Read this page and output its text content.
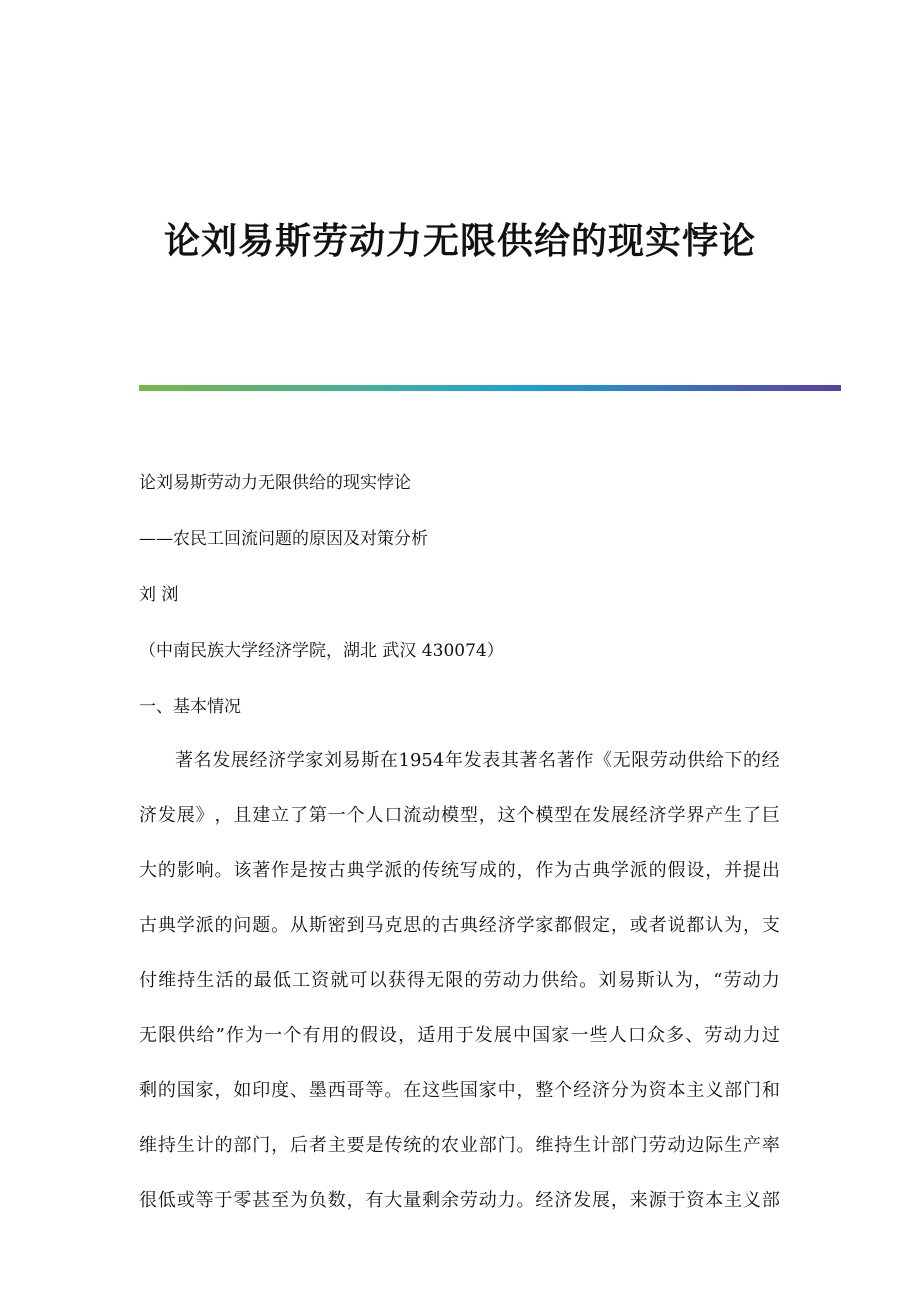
论刘易斯劳动力无限供给的现实悖论
论刘易斯劳动力无限供给的现实悖论
——农民工回流问题的原因及对策分析
刘 浏
（中南民族大学经济学院，湖北 武汉 430074）
一、基本情况
著 名 发 展 经 济 学 家 刘 易 斯 在 1954 年 发 表 其 著 名 著 作 《 无 限 劳 动 供 给 下 的 经
济 发 展 》 ， 且 建 立 了 第 一 个 人 口 流 动 模 型 ， 这 个 模 型 在 发 展 经 济 学 界 产 生 了 巨
大 的 影 响 。 该 著 作 是 按 古 典 学 派 的 传 统 写 成 的 ， 作 为 古 典 学 派 的 假 设 ， 并 提 出
古 典 学 派 的 问 题 。 从 斯 密 到 马 克 思 的 古 典 经 济 学 家 都 假 定 ， 或 者 说 都 认 为 ， 支
付 维 持 生 活 的 最 低 工 资 就 可 以 获 得 无 限 的 劳 动 力 供 给 。 刘 易 斯 认 为 ， “ 劳 动 力
无 限 供 给 ” 作 为 一 个 有 用 的 假 设 ， 适 用 于 发 展 中 国 家 一 些 人 口 众 多 、 劳 动 力 过
剩 的 国 家 ， 如 印 度 、 墨 西 哥 等 。 在 这 些 国 家 中 ， 整 个 经 济 分 为 资 本 主 义 部 门 和
维 持 生 计 的 部 门 ， 后 者 主 要 是 传 统 的 农 业 部 门 。 维 持 生 计 部 门 劳 动 边 际 生 产 率
很 低 或 等 于 零 甚 至 为 负 数 ， 有 大 量 剩 余 劳 动 力 。 经 济 发 展 ， 来 源 于 资 本 主 义 部
